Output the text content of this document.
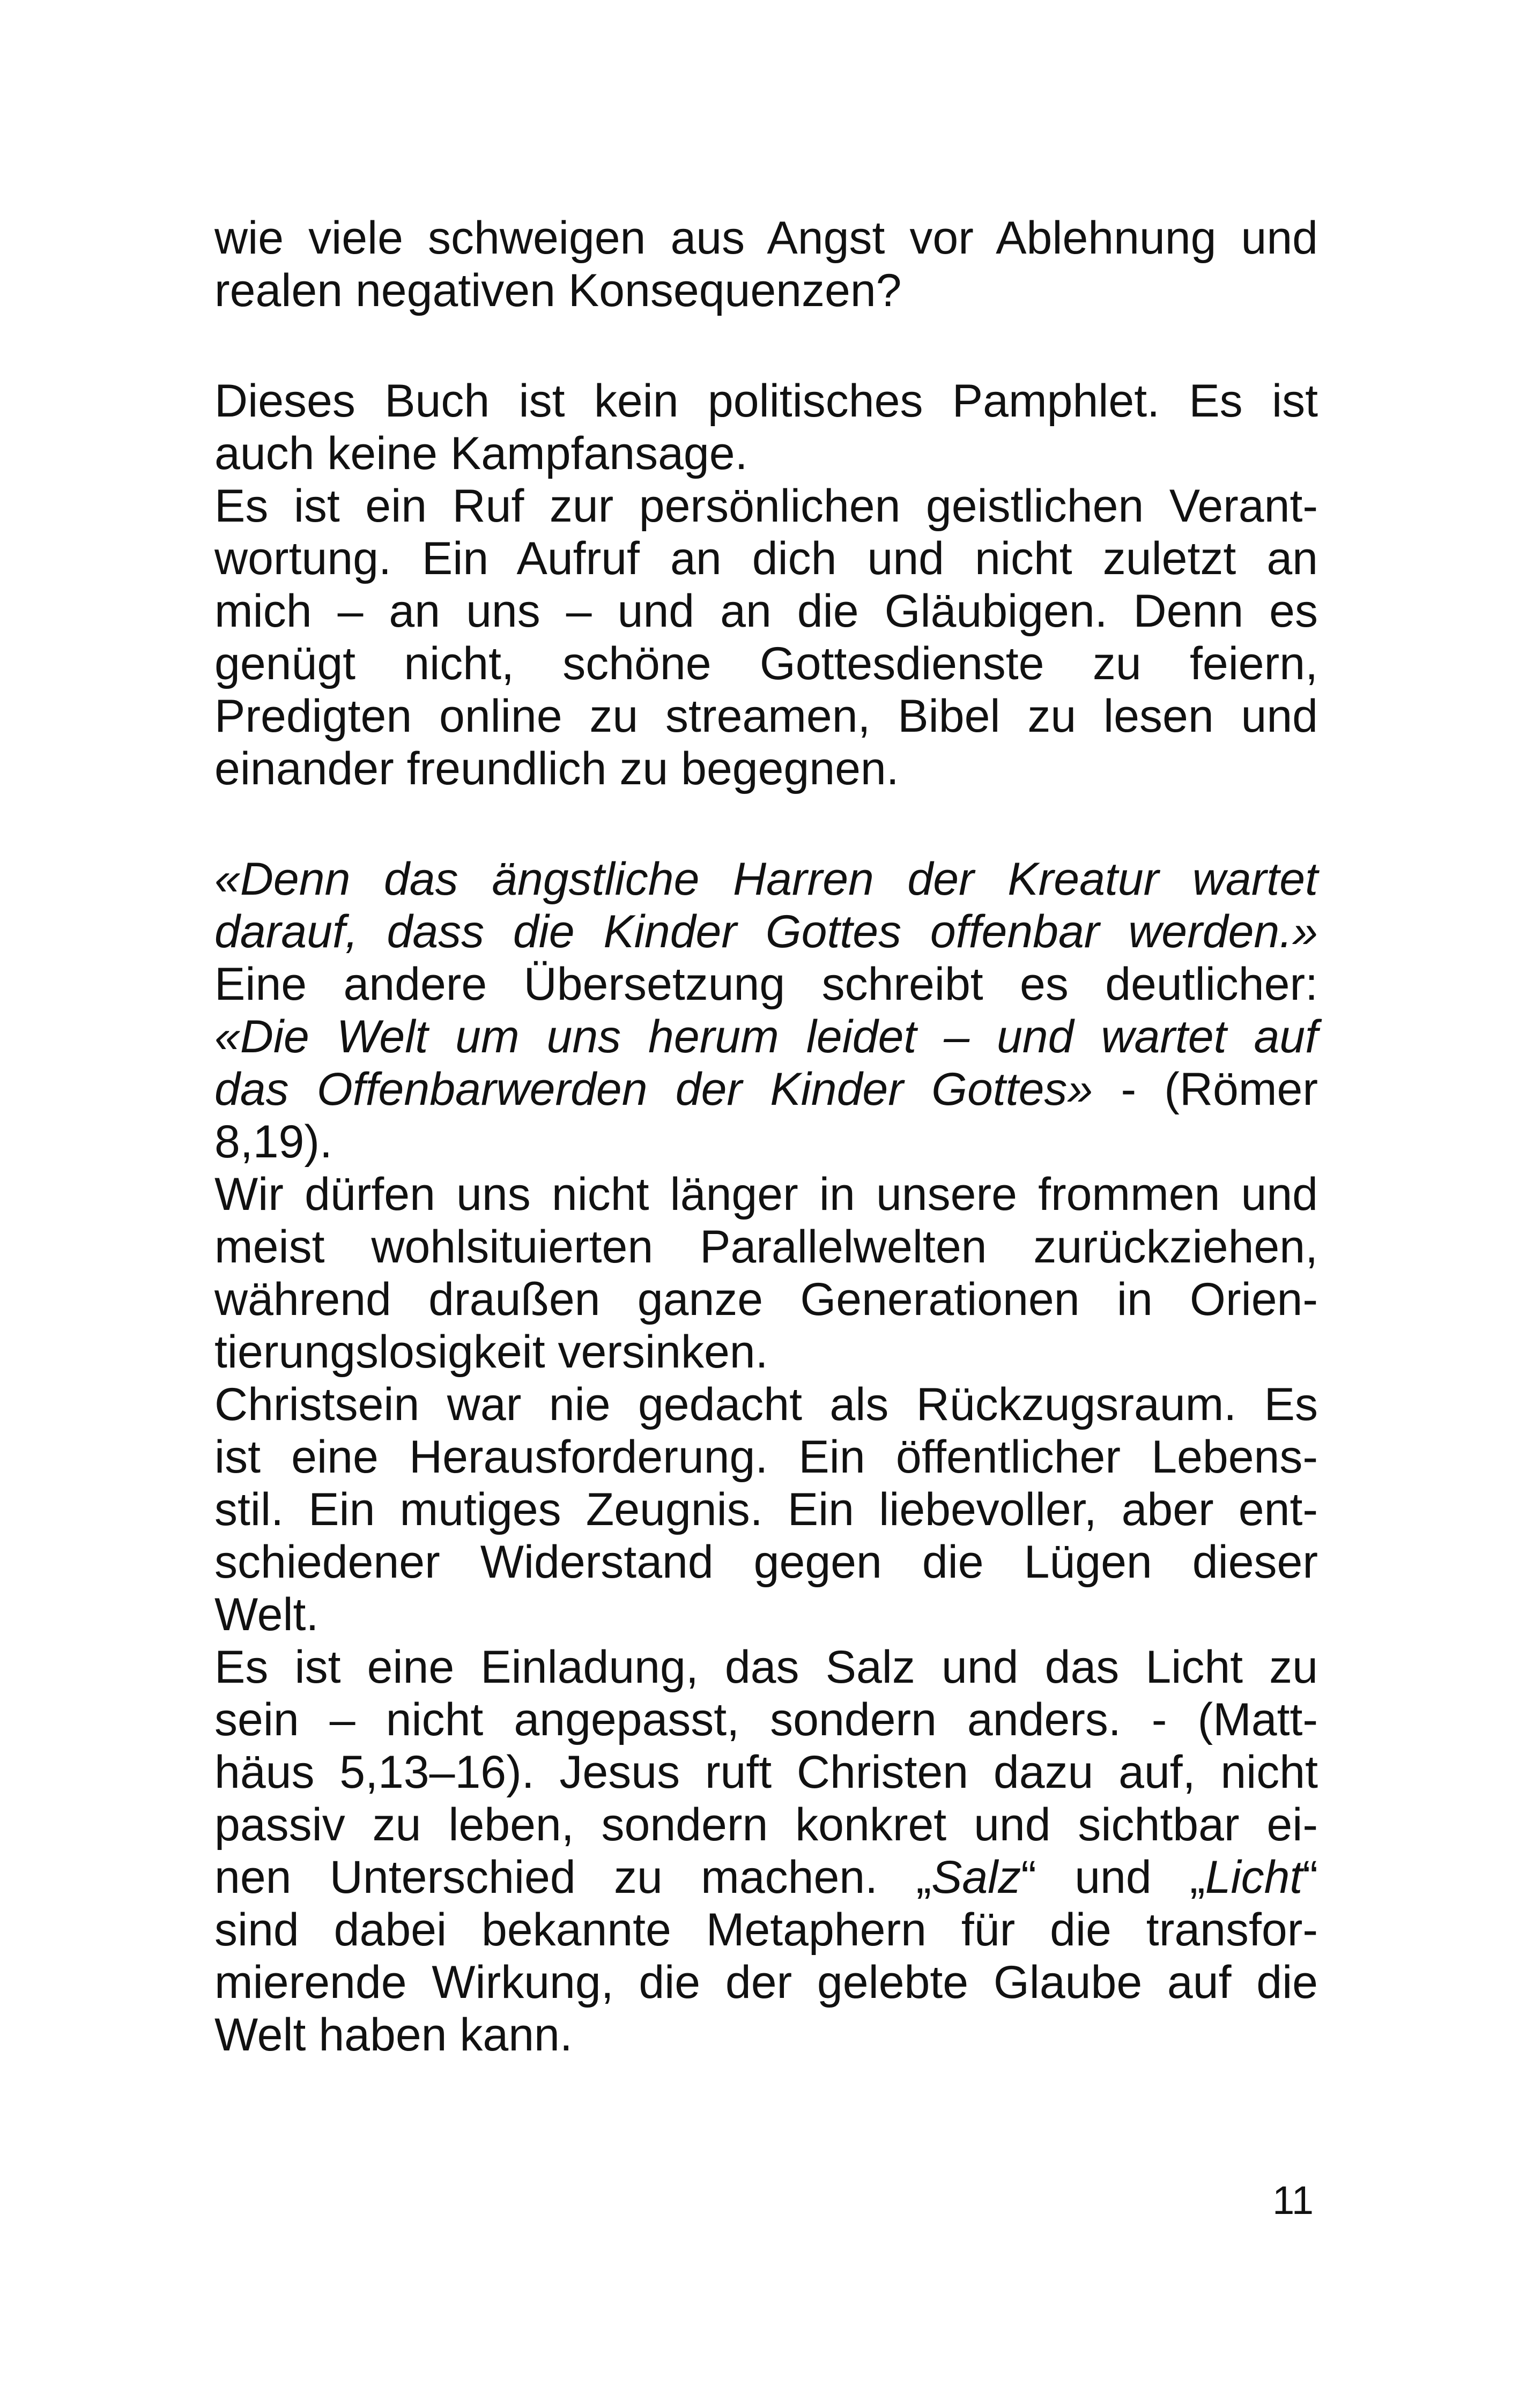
wie viele schweigen aus Angst vor Ablehnung und
realen negativen Konsequenzen?
Dieses Buch ist kein politisches Pamphlet. Es ist
auch keine Kampfansage.
Es ist ein Ruf zur persönlichen geistlichen Verant-
wortung. Ein Aufruf an dich und nicht zuletzt an
mich – an uns – und an die Gläubigen. Denn es
genügt nicht, schöne Gottesdienste zu feiern,
Predigten online zu streamen, Bibel zu lesen und
einander freundlich zu begegnen.
«Denn das ängstliche Harren der Kreatur wartet
darauf, dass die Kinder Gottes offenbar werden.»
Eine andere Übersetzung schreibt es deutlicher:
«Die Welt um uns herum leidet – und wartet auf
das Offenbarwerden der Kinder Gottes» - (Römer
8,19).
Wir dürfen uns nicht länger in unsere frommen und
meist wohlsituierten Parallelwelten zurückziehen,
während draußen ganze Generationen in Orien-
tierungslosigkeit versinken.
Christsein war nie gedacht als Rückzugsraum. Es
ist eine Herausforderung. Ein öffentlicher Lebens-
stil. Ein mutiges Zeugnis. Ein liebevoller, aber ent-
schiedener Widerstand gegen die Lügen dieser
Welt.
Es ist eine Einladung, das Salz und das Licht zu
sein – nicht angepasst, sondern anders. - (Matt-
häus 5,13–16). Jesus ruft Christen dazu auf, nicht
passiv zu leben, sondern konkret und sichtbar ei-
nen Unterschied zu machen. „Salz“ und „Licht“
sind dabei bekannte Metaphern für die transfor-
mierende Wirkung, die der gelebte Glaube auf die
Welt haben kann.
11
